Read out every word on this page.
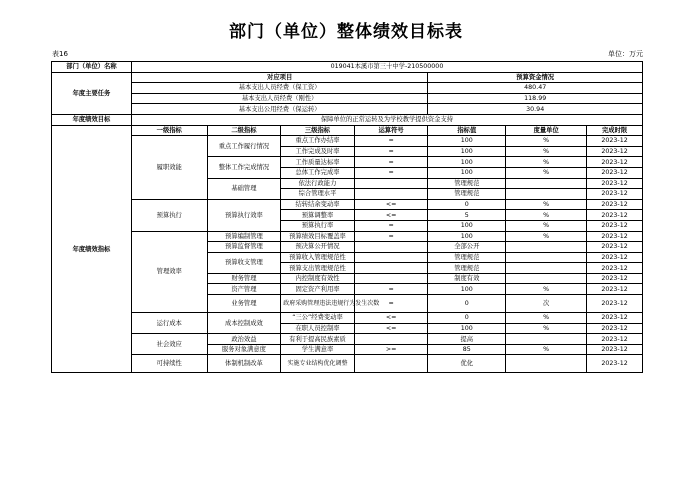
部门（单位）整体绩效目标表
表16	单位：万元
部门（单位）名称	019041本溪市第三十中学-210500000						
年度主要任务	对应项目				预算资金情况		
	基本支出人员经费（保工资）				480.47		
	基本支出人员经费（刚性）				118.99		
	基本支出公用经费（保运转）				30.94		
年度绩效目标	保障单位的正常运转及为学校教学提供资金支持						
年度绩效指标	一级指标	二级指标	三级指标	运算符号	指标值	度量单位	完成时限
	履职效能	重点工作履行情况	重点工作办结率	=	100	%	2023-12
			工作完成及时率	=	100	%	2023-12
		整体工作完成情况	工作质量达标率	=	100	%	2023-12
			总体工作完成率	=	100	%	2023-12
		基础管理	依法行政能力		管理规范		2023-12
			综合管理水平		管理规范		2023-12
	预算执行	预算执行效率	结转结余变动率	<=	0	%	2023-12
			预算调整率	<=	5	%	2023-12
			预算执行率	=	100	%	2023-12
	管理效率	预算编制管理	预算绩效目标覆盖率	=	100	%	2023-12
		预算监督管理	预决算公开情况		全部公开		2023-12
		预算收支管理	预算收入管理规范性		管理规范		2023-12
			预算支出管理规范性		管理规范		2023-12
		财务管理	内控制度有效性		制度有效		2023-12
		资产管理	固定资产利用率	=	100	%	2023-12
		业务管理	政府采购管理违法违规行为发生次数	=	0	次	2023-12
	运行成本	成本控制成效	“三公”经费变动率	<=	0	%	2023-12
			在职人员控制率	<=	100	%	2023-12
	社会效应	政治效益	有利于提高民族素质		提高		2023-12
		服务对象满意度	学生满意率	>=	85	%	2023-12
	可持续性	体制机制改革	实施专业结构优化调整		优化		2023-12
